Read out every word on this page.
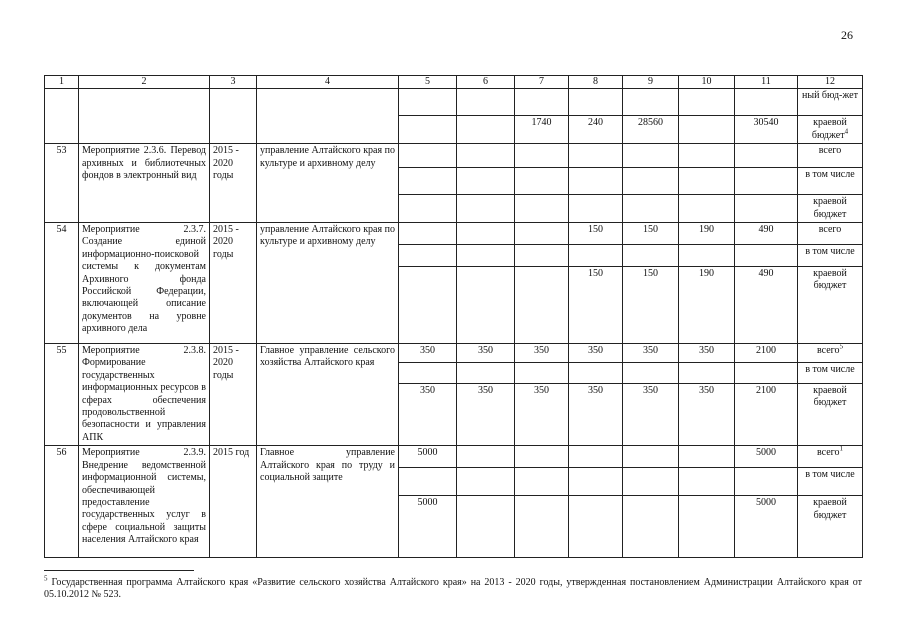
26
1	2	3	4	5	6	7	8	9	10	11	12
											ный бюд-жет
						1740	240	28560		30540	краевой бюджет$^4$
53	Мероприятие 2.3.6. Перевод архивных и библиотечных фондов в электронный вид	2015 - 2020 годы	управление Алтайского края по культуре и архивному делу								всего
											в том числе
											краевой бюджет
54	Мероприятие 2.3.7. Создание единой информационно-поисковой системы к документам Архивного фонда Российской Федерации, включающей описание документов на уровне архивного дела	2015 - 2020 годы	управление Алтайского края по культуре и архивному делу				150	150	190	490	всего
											в том числе
							150	150	190	490	краевой бюджет
55	Мероприятие 2.3.8. Формирование государственных информационных ресурсов в сферах обеспечения продовольственной безопасности и управления АПК	2015 - 2020 годы	Главное управление сельского хозяйства Алтайского края	350	350	350	350	350	350	2100	всего$^5$
											в том числе
				350	350	350	350	350	350	2100	краевой бюджет
56	Мероприятие 2.3.9. Внедрение ведомственной информационной системы, обеспечивающей предоставление государственных услуг в сфере социальной защиты населения Алтайского края	2015 год	Главное управление Алтайского края по труду и социальной защите	5000						5000	всего$^1$
											в том числе
				5000						5000	краевой бюджет
$^5$ Государственная программа Алтайского края «Развитие сельского хозяйства Алтайского края» на 2013 - 2020 годы, утвержденная постановлением Администрации Алтайского края от 05.10.2012 № 523.
